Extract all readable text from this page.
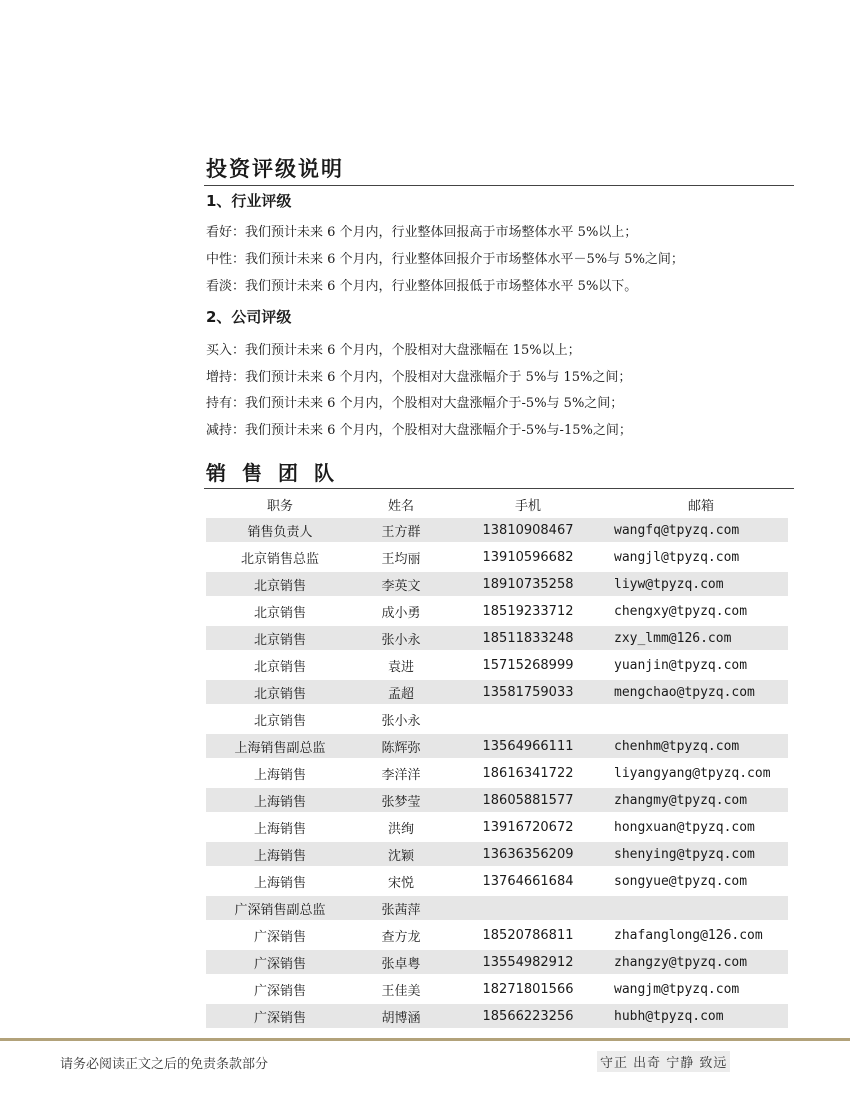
投资评级说明
1、行业评级
看好：我们预计未来 6 个月内，行业整体回报高于市场整体水平 5%以上；
中性：我们预计未来 6 个月内，行业整体回报介于市场整体水平－5%与 5%之间；
看淡：我们预计未来 6 个月内，行业整体回报低于市场整体水平 5%以下。
2、公司评级
买入：我们预计未来 6 个月内，个股相对大盘涨幅在 15%以上；
增持：我们预计未来 6 个月内，个股相对大盘涨幅介于 5%与 15%之间；
持有：我们预计未来 6 个月内，个股相对大盘涨幅介于-5%与 5%之间；
减持：我们预计未来 6 个月内，个股相对大盘涨幅介于-5%与-15%之间；
销售团队
职务	姓名	手机	邮箱
销售负责人	王方群	13810908467	wangfq@tpyzq.com
北京销售总监	王均丽	13910596682	wangjl@tpyzq.com
北京销售	李英文	18910735258	liyw@tpyzq.com
北京销售	成小勇	18519233712	chengxy@tpyzq.com
北京销售	张小永	18511833248	zxy_lmm@126.com
北京销售	袁进	15715268999	yuanjin@tpyzq.com
北京销售	孟超	13581759033	mengchao@tpyzq.com
北京销售	张小永		
上海销售副总监	陈辉弥	13564966111	chenhm@tpyzq.com
上海销售	李洋洋	18616341722	liyangyang@tpyzq.com
上海销售	张梦莹	18605881577	zhangmy@tpyzq.com
上海销售	洪绚	13916720672	hongxuan@tpyzq.com
上海销售	沈颖	13636356209	shenying@tpyzq.com
上海销售	宋悦	13764661684	songyue@tpyzq.com
广深销售副总监	张茜萍		
广深销售	查方龙	18520786811	zhafanglong@126.com
广深销售	张卓粤	13554982912	zhangzy@tpyzq.com
广深销售	王佳美	18271801566	wangjm@tpyzq.com
广深销售	胡博涵	18566223256	hubh@tpyzq.com
请务必阅读正文之后的免责条款部分	守正 出奇 宁静 致远
